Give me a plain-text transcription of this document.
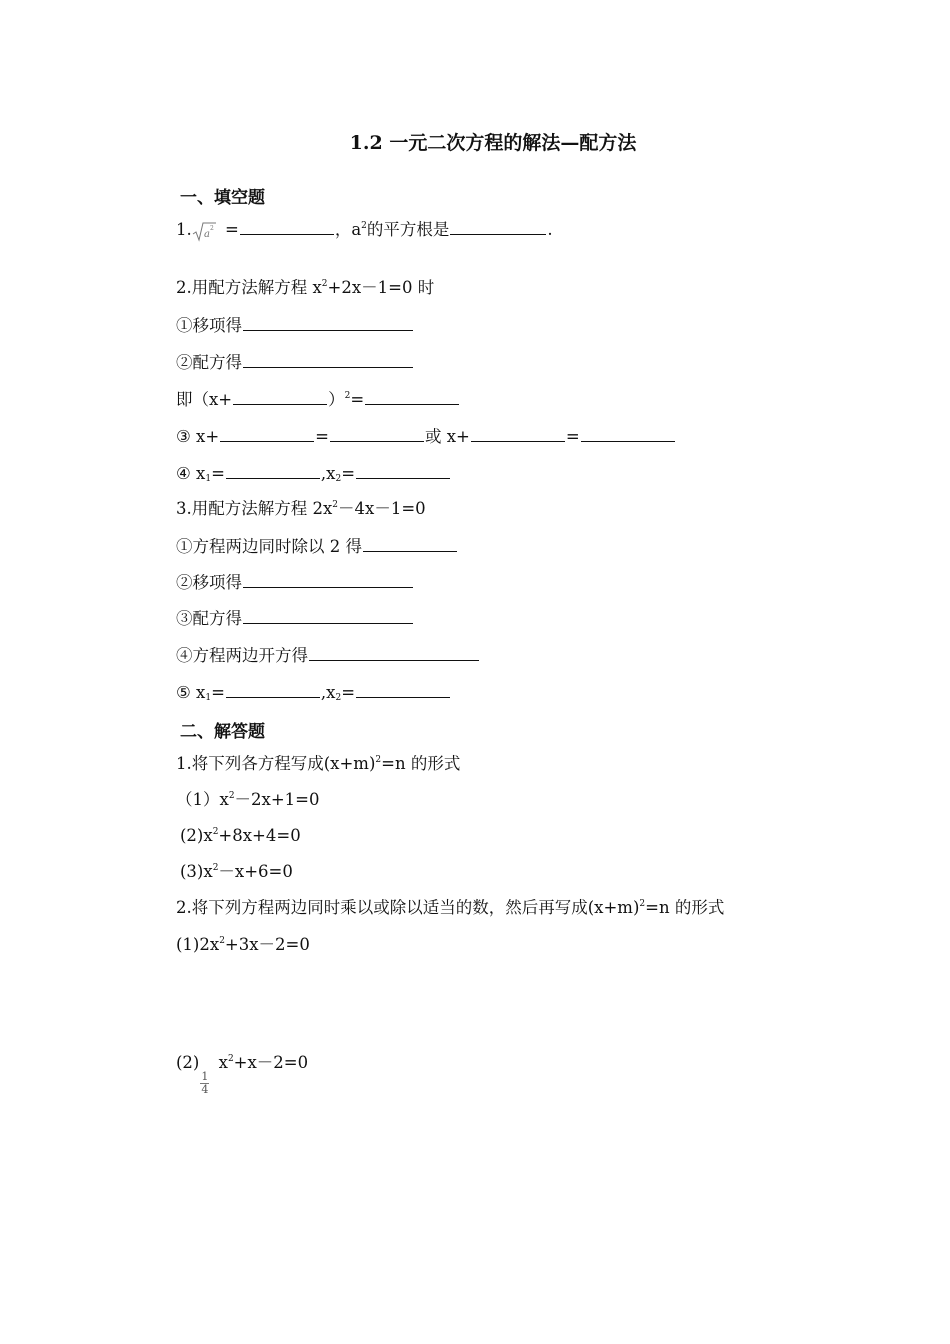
1.2 一元二次方程的解法—配方法
一、填空题
1. a
2 =	，$a^2$的平方根是	.
2.用配方法解方程 $x^2+2x-1=0$ 时
①移项得
②配方得
即（x+	）$^2$=
③ x+	=	或 x+	=
④ $x_1=$	$,x_2=$
3.用配方法解方程 $2x^2-4x-1=0$
①方程两边同时除以 2 得
②移项得
③配方得
④方程两边开方得
⑤ $x_1=$	$,x_2=$
二、解答题
1.将下列各方程写成$(x+m)^2=n$ 的形式
$(1)x^2-2x+1=0$
$(2)x^2+8x+4=0$
$(3)x^2-x+6=0$
2.将下列方程两边同时乘以或除以适当的数，然后再写成$(x+m)^2=n$ 的形式
$(1)2x^2+3x-2=0$
(2)
$\frac{1}{4}$
$x^2+x-2=0$
